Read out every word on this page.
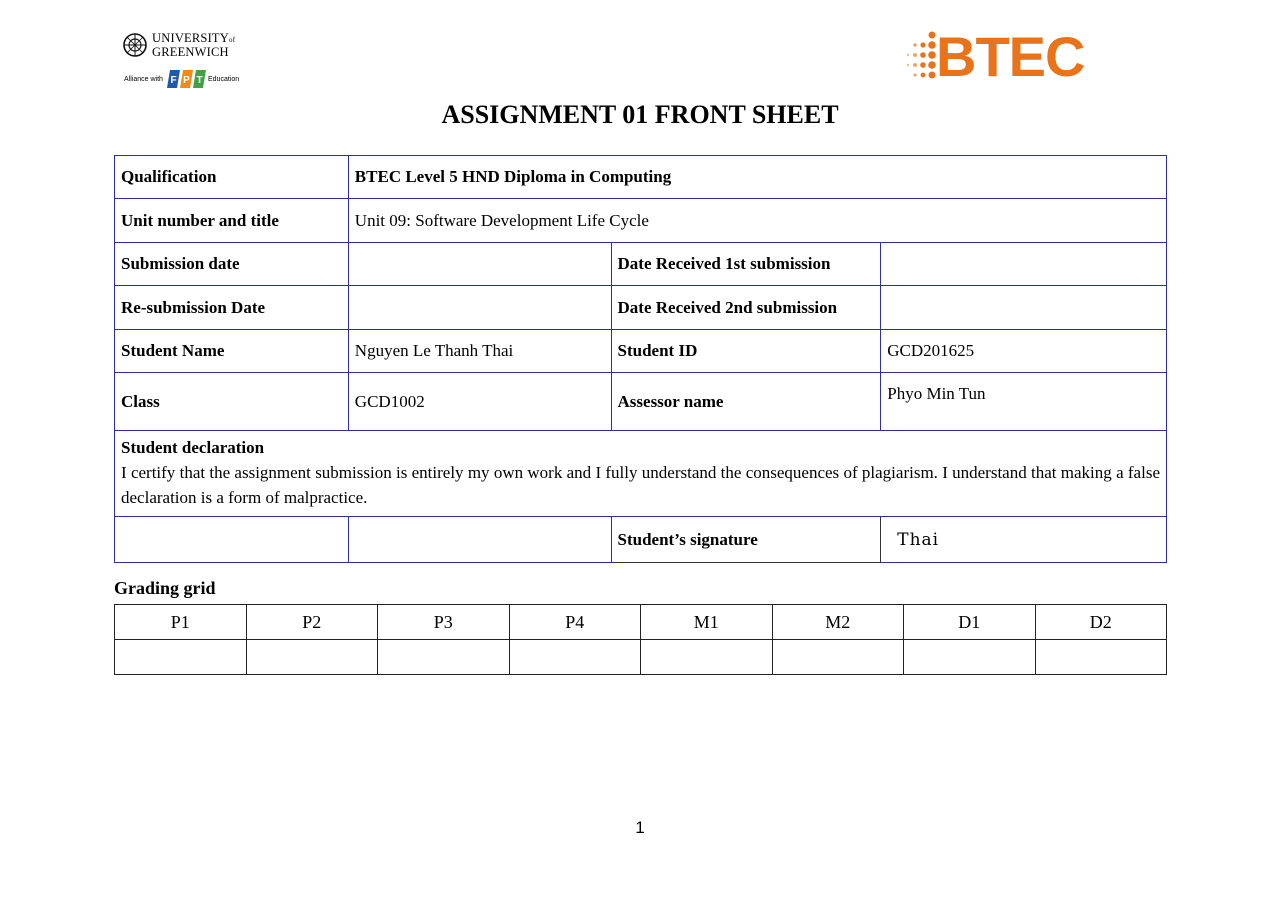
UNIVERSITYof
GREENWICH
Alliance with F P T Education	BTEC
ASSIGNMENT 01 FRONT SHEET
Qualification	BTEC Level 5 HND Diploma in Computing		
Unit number and title	Unit 09: Software Development Life Cycle		
Submission date		Date Received 1st submission	
Re-submission Date		Date Received 2nd submission	
Student Name	Nguyen Le Thanh Thai	Student ID	GCD201625
Class	GCD1002	Assessor name	Phyo Min Tun

Student declaration
I certify that the assignment submission is entirely my own work and I fully understand the consequences of plagiarism. I understand that making a false declaration is a form of malpractice.			

		Student’s signature	Thai
Grading grid
P1	P2	P3	P4	M1	M2	D1	D2

1
